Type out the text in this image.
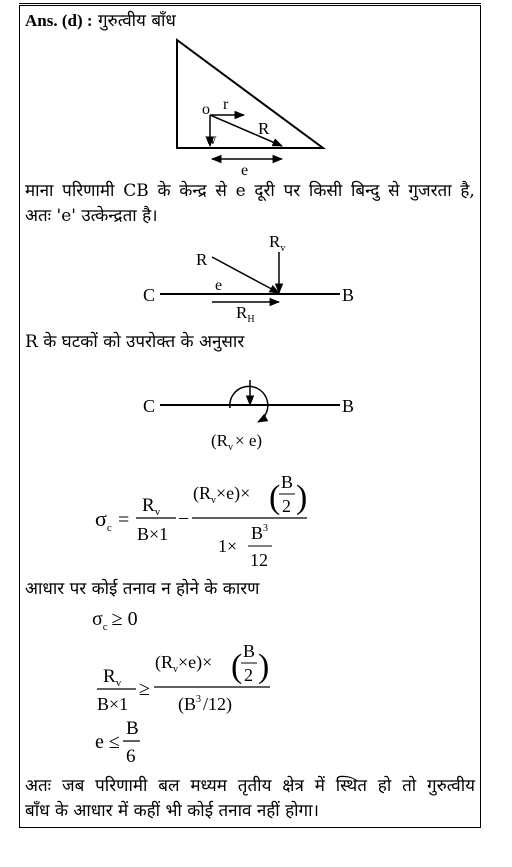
Ans. (d) : गुरुत्वीय बाँध
o r
R
w
e
माना परिणामी CB के केन्द्र से e दूरी पर किसी बिन्दु से गुजरता है,
अतः 'e' उत्केन्द्रता है।
R
$R_v$
C	B
e
$R_H$
R के घटकों को उपरोक्त के अनुसार
C	B
$(R_v \times e)$
$\sigma_c$ =
$R_v$
B×1
−
$(R_v\times e)\times$ ( B
2 )
1×
$B^3$
12
आधार पर कोई तनाव न होने के कारण
$\sigma_c \ge 0$
$R_v$
B×1
≥
$(R_v\times e)\times$ ( B
2 )
($B^3$ /12)
e ≤
B
6
अतः जब परिणामी बल मध्यम तृतीय क्षेत्र में स्थित हो तो गुरुत्वीय
बाँध के आधार में कहीं भी कोई तनाव नहीं होगा।
